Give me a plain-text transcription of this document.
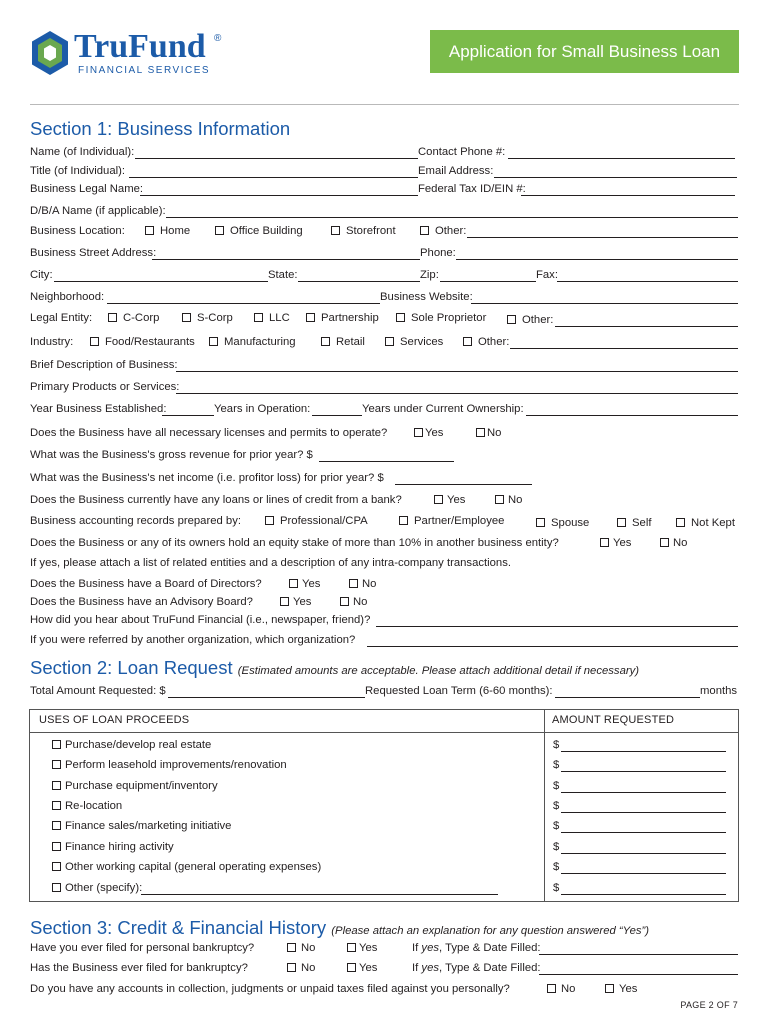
TruFund ®
FINANCIAL SERVICES
Application for Small Business Loan
Section 1: Business Information
Name (of Individual):	Contact Phone #:
Title (of Individual):	Email Address:
Business Legal Name:	Federal Tax ID/EIN #:
D/B/A Name (if applicable):
Business Location:	Home	Office Building	Storefront	Other:
Business Street Address:	Phone:
City:	State:	Zip:	Fax:
Neighborhood:	Business Website:
Legal Entity:	C-Corp	S-Corp	LLC	Partnership	Sole Proprietor	Other:
Industry:	Food/Restaurants	Manufacturing	Retail	Services	Other:
Brief Description of Business:
Primary Products or Services:
Year Business Established:	Years in Operation:	Years under Current Ownership:
Does the Business have all necessary licenses and permits to operate?	Yes	No
What was the Business's gross revenue for prior year? $
What was the Business's net income (i.e. profitor loss) for prior year? $
Does the Business currently have any loans or lines of credit from a bank?	Yes	No
Business accounting records prepared by:	Professional/CPA	Partner/Employee	Spouse	Self	Not Kept
Does the Business or any of its owners hold an equity stake of more than 10% in another business entity?	Yes	No
If yes, please attach a list of related entities and a description of any intra-company transactions.
Does the Business have a Board of Directors?	Yes	No
Does the Business have an Advisory Board?	Yes	No
How did you hear about TruFund Financial (i.e., newspaper, friend)?
If you were referred by another organization, which organization?
Section 2: Loan Request (Estimated amounts are acceptable. Please attach additional detail if necessary)
Total Amount Requested: $	Requested Loan Term (6-60 months):	months
USES OF LOAN PROCEEDS	AMOUNT REQUESTED
Purchase/develop real estate	$
Perform leasehold improvements/renovation	$
Purchase equipment/inventory	$
Re-location	$
Finance sales/marketing initiative	$
Finance hiring activity	$
Other working capital (general operating expenses)	$
Other (specify):	$
Section 3: Credit & Financial History (Please attach an explanation for any question answered “Yes”)
Have you ever filed for personal bankruptcy?	No	Yes	If yes, Type & Date Filled:
Has the Business ever filed for bankruptcy?	No	Yes	If yes, Type & Date Filled:
Do you have any accounts in collection, judgments or unpaid taxes filed against you personally?	No	Yes
PAGE 2 OF 7
